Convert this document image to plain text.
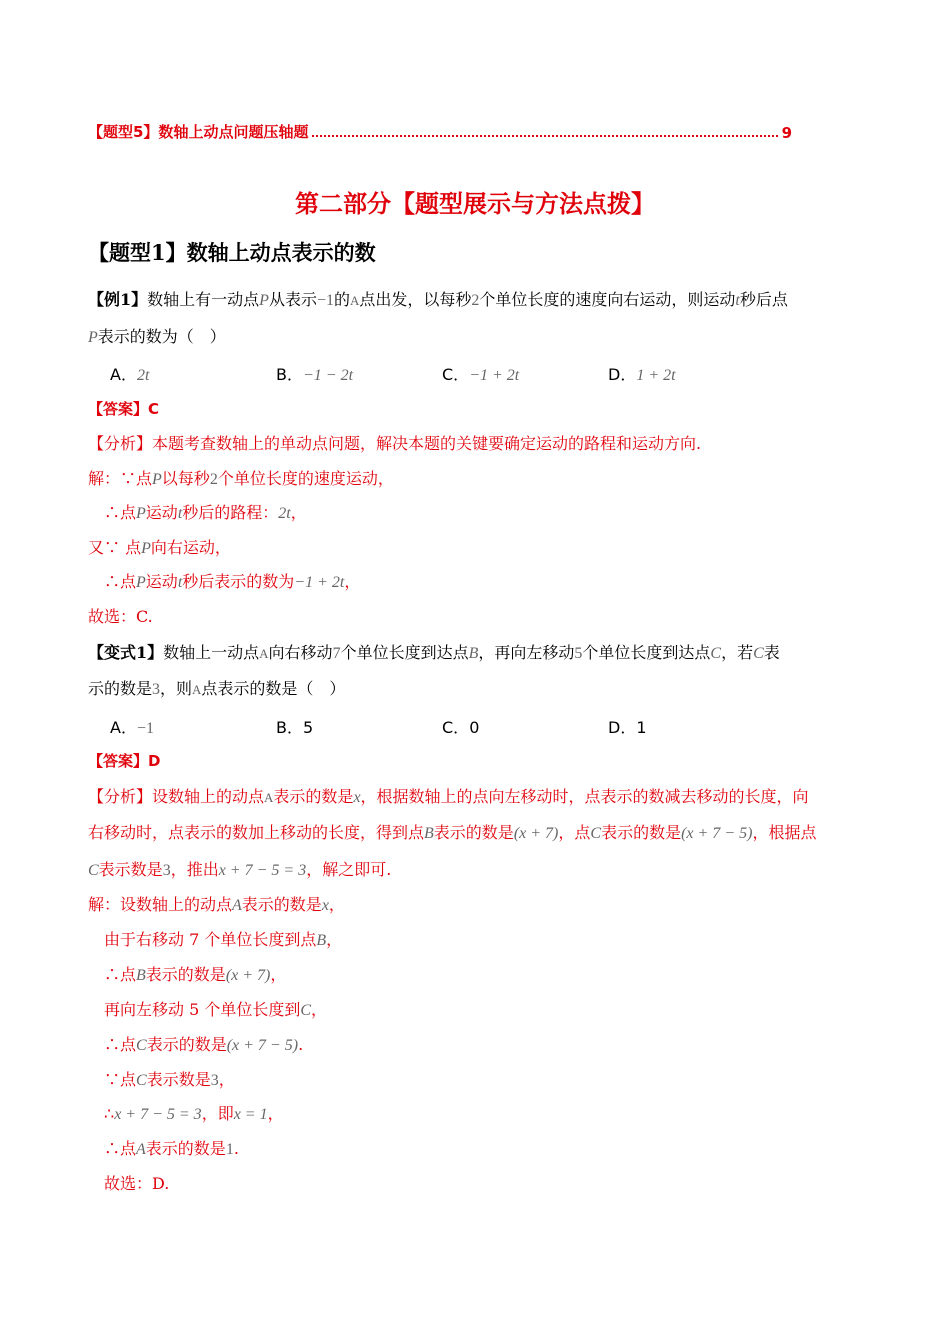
【题型5】数轴上动点问题压轴题	9
第二部分【题型展示与方法点拨】
【题型1】数轴上动点表示的数
【例1】数轴上有一动点P从表示−1的A点出发，以每秒2个单位长度的速度向右运动，则运动t秒后点
P表示的数为（　）
A．2t	B．−1 − 2t	C．−1 + 2t	D．1 + 2t
【答案】C
【分析】本题考查数轴上的单动点问题，解决本题的关键要确定运动的路程和运动方向.
解：∵点P以每秒2个单位长度的速度运动，
∴点P运动t秒后的路程：2t，
又∵ 点P向右运动，
∴点P运动t秒后表示的数为−1 + 2t，
故选：C.
【变式1】数轴上一动点A向右移动7个单位长度到达点B，再向左移动5个单位长度到达点C，若C表
示的数是3，则A点表示的数是（　）
A．−1	B．5	C．0	D．1
【答案】D
【分析】设数轴上的动点A表示的数是x，根据数轴上的点向左移动时，点表示的数减去移动的长度，向
右移动时，点表示的数加上移动的长度，得到点B表示的数是(x + 7)，点C表示的数是(x + 7 − 5)，根据点
C表示数是3，推出x + 7 − 5 = 3，解之即可.
解：设数轴上的动点A表示的数是x，
由于右移动 7 个单位长度到点B，
∴点B表示的数是(x + 7)，
再向左移动 5 个单位长度到C，
∴点C表示的数是(x + 7 − 5).
∵点C表示数是3，
∴x + 7 − 5 = 3，即x = 1，
∴点A表示的数是1.
故选：D.
